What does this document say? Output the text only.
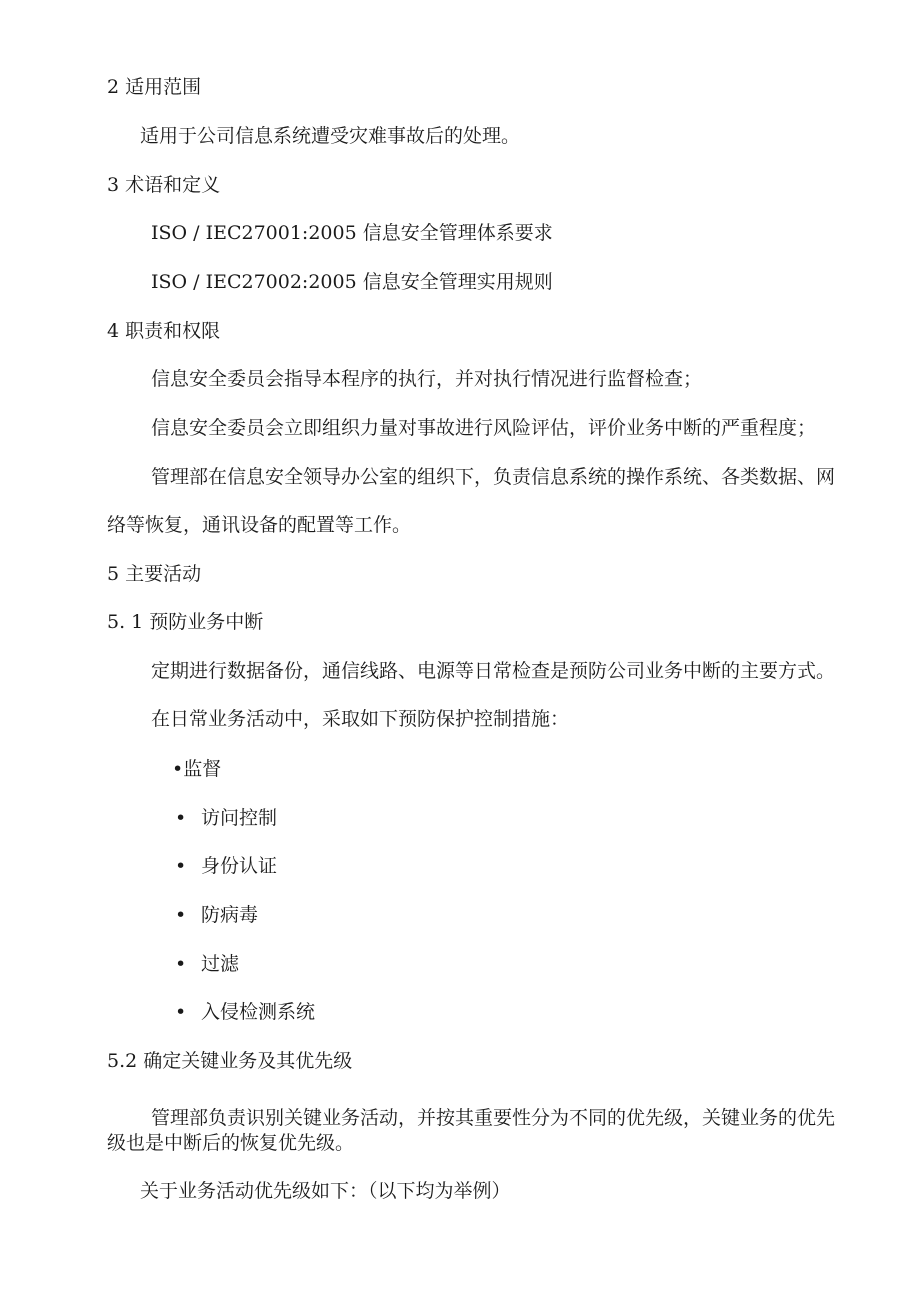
2 适用范围

适用于公司信息系统遭受灾难事故后的处理。

3 术语和定义

ISO / IEC27001:2005 信息安全管理体系要求

ISO / IEC27002:2005 信息安全管理实用规则

4 职责和权限

信息安全委员会指导本程序的执行，并对执行情况进行监督检查；

信息安全委员会立即组织力量对事故进行风险评估，评价业务中断的严重程度；

管理部在信息安全领导办公室的组织下，负责信息系统的操作系统、各类数据、网

络等恢复，通讯设备的配置等工作。

5 主要活动
5. 1 预防业务中断

定期进行数据备份，通信线路、电源等日常检查是预防公司业务中断的主要方式。

在日常业务活动中，采取如下预防保护控制措施：

•监督
• 访问控制
• 身份认证
• 防病毒
• 过滤
• 入侵检测系统
5.2 确定关键业务及其优先级

管理部负责识别关键业务活动，并按其重要性分为不同的优先级，关键业务的优先

级也是中断后的恢复优先级。

关于业务活动优先级如下：（以下均为举例）
